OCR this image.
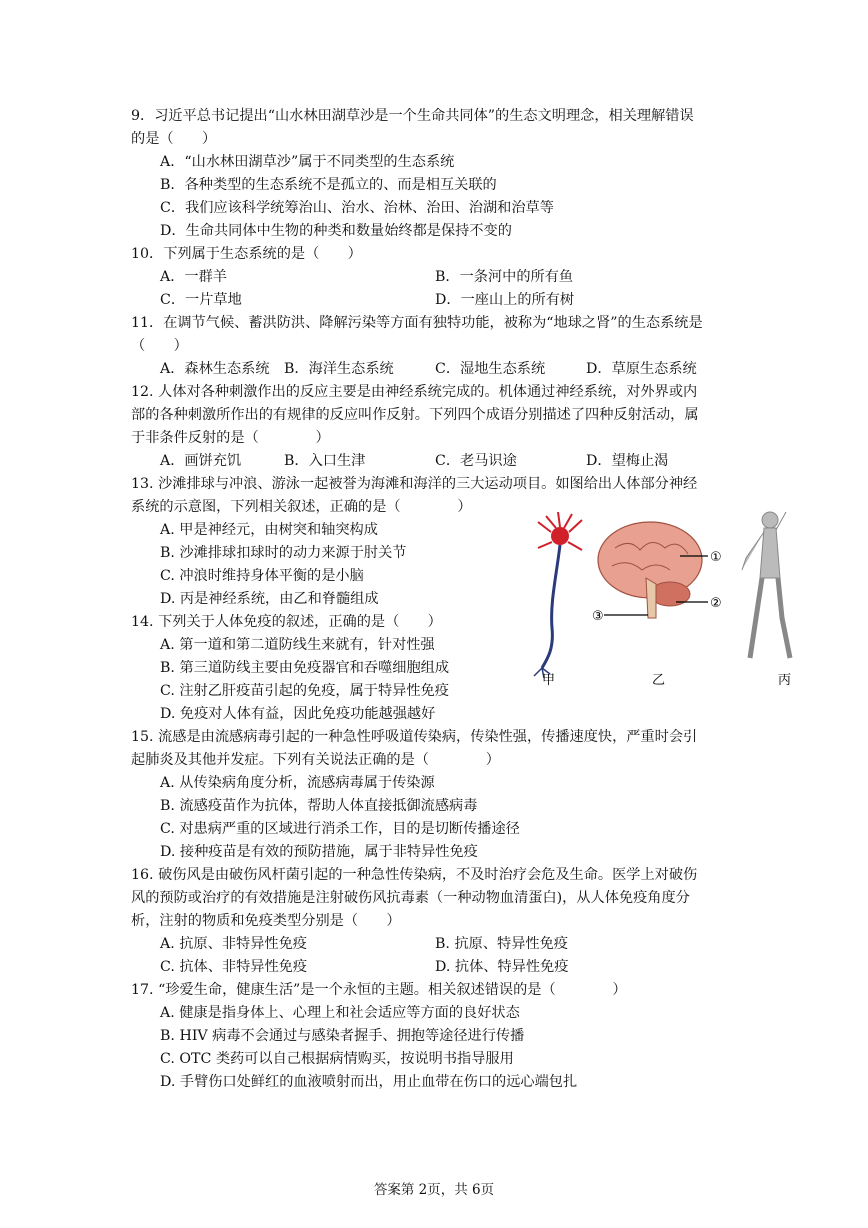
9．习近平总书记提出“山水林田湖草沙是一个生命共同体”的生态文明理念，相关理解错误
的是（　　）
A．“山水林田湖草沙”属于不同类型的生态系统
B．各种类型的生态系统不是孤立的、而是相互关联的
C．我们应该科学统筹治山、治水、治林、治田、治湖和治草等
D．生命共同体中生物的种类和数量始终都是保持不变的
10．下列属于生态系统的是（　　）
A．一群羊	B．一条河中的所有鱼
C．一片草地	D．一座山上的所有树
11．在调节气候、蓄洪防洪、降解污染等方面有独特功能，被称为“地球之肾”的生态系统是
（　　）
A．森林生态系统 B．海洋生态系统	C．湿地生态系统	D．草原生态系统
12. 人体对各种刺激作出的反应主要是由神经系统完成的。机体通过神经系统，对外界或内
部的各种刺激所作出的有规律的反应叫作反射。下列四个成语分别描述了四种反射活动，属
于非条件反射的是（　　　　）
A．画饼充饥	B．入口生津	C．老马识途	D．望梅止渴
13. 沙滩排球与冲浪、游泳一起被誉为海滩和海洋的三大运动项目。如图给出人体部分神经
系统的示意图，下列相关叙述，正确的是（　　　　）
A. 甲是神经元，由树突和轴突构成
B. 沙滩排球扣球时的动力来源于肘关节
C. 冲浪时维持身体平衡的是小脑
D. 丙是神经系统，由乙和脊髓组成
14. 下列关于人体免疫的叙述，正确的是（　　）
A. 第一道和第二道防线生来就有，针对性强
B. 第三道防线主要由免疫器官和吞噬细胞组成
C. 注射乙肝疫苗引起的免疫，属于特异性免疫
D. 免疫对人体有益，因此免疫功能越强越好
15. 流感是由流感病毒引起的一种急性呼吸道传染病，传染性强，传播速度快，严重时会引
起肺炎及其他并发症。下列有关说法正确的是（　　　　）
A. 从传染病角度分析，流感病毒属于传染源
B. 流感疫苗作为抗体，帮助人体直接抵御流感病毒
C. 对患病严重的区域进行消杀工作，目的是切断传播途径
D. 接种疫苗是有效的预防措施，属于非特异性免疫
16. 破伤风是由破伤风杆菌引起的一种急性传染病，不及时治疗会危及生命。医学上对破伤
风的预防或治疗的有效措施是注射破伤风抗毒素（一种动物血清蛋白)，从人体免疫角度分
析，注射的物质和免疫类型分别是（　　）
A. 抗原、非特异性免疫	B. 抗原、特异性免疫
C. 抗体、非特异性免疫	D. 抗体、特异性免疫
17. “珍爱生命，健康生活”是一个永恒的主题。相关叙述错误的是（　　　　）
A. 健康是指身体上、心理上和社会适应等方面的良好状态
B. HIV 病毒不会通过与感染者握手、拥抱等途径进行传播
C. OTC 类药可以自己根据病情购买，按说明书指导服用
D. 手臂伤口处鲜红的血液喷射而出，用止血带在伤口的远心端包扎
①
②
③
甲	乙	丙
答案第 2页，共 6页
